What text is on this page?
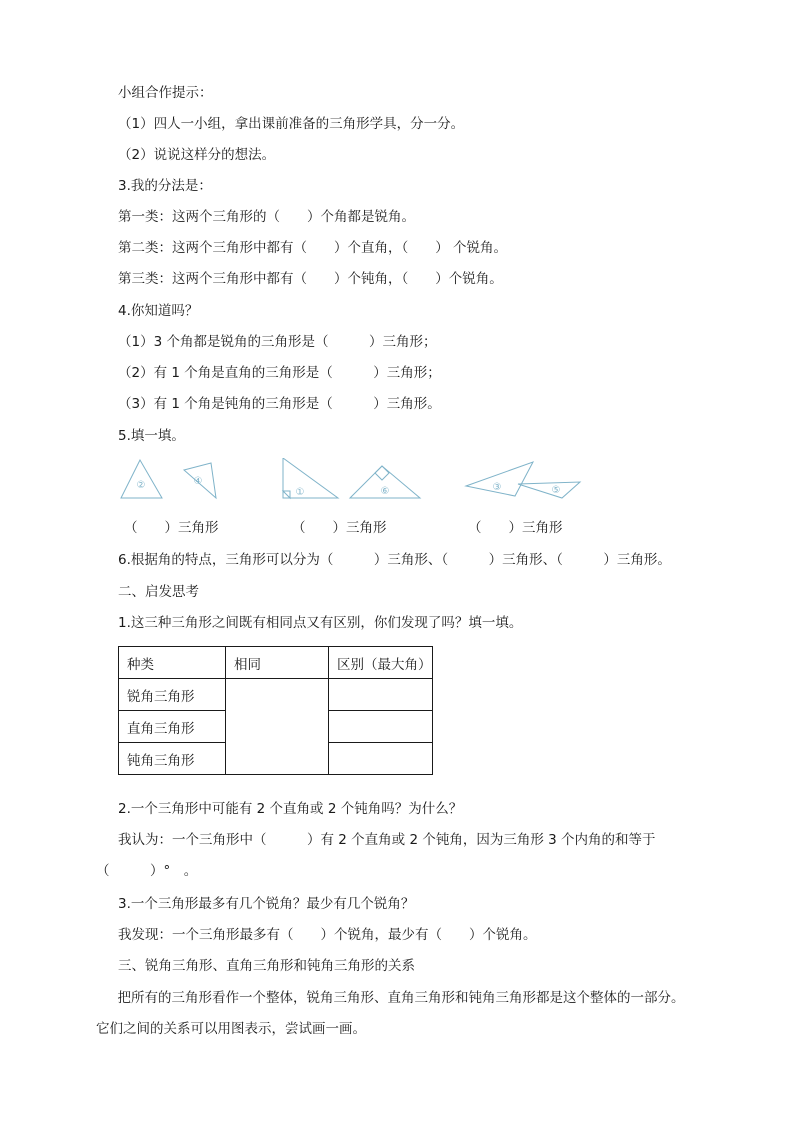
小组合作提示：
（1）四人一小组，拿出课前准备的三角形学具，分一分。
（2）说说这样分的想法。
3.我的分法是：
第一类：这两个三角形的（　　）个角都是锐角。
第二类：这两个三角形中都有（　　）个直角，（　　） 个锐角。
第三类：这两个三角形中都有（　　）个钝角，（　　）个锐角。
4.你知道吗？
（1）3 个角都是锐角的三角形是（　　　）三角形；
（2）有 1 个角是直角的三角形是（　　　）三角形；
（3）有 1 个角是钝角的三角形是（　　　）三角形。
5.填一填。
②	④
①	⑥	③	⑤
（　　）三角形	（　　）三角形	（　　）三角形
6.根据角的特点，三角形可以分为（　　　）三角形、（　　　）三角形、（　　　）三角形。
二、启发思考
1.这三种三角形之间既有相同点又有区别，你们发现了吗？填一填。
种类	相同	区别（最大角）
锐角三角形		
直角三角形		
钝角三角形		
2.一个三角形中可能有 2 个直角或 2 个钝角吗？为什么？
我认为：一个三角形中（　　　）有 2 个直角或 2 个钝角，因为三角形 3 个内角的和等于
（　　　）°　。
3.一个三角形最多有几个锐角？最少有几个锐角？
我发现：一个三角形最多有（　　）个锐角，最少有（　　）个锐角。
三、锐角三角形、直角三角形和钝角三角形的关系
　把所有的三角形看作一个整体，锐角三角形、直角三角形和钝角三角形都是这个整体的一部分。
它们之间的关系可以用图表示，尝试画一画。
